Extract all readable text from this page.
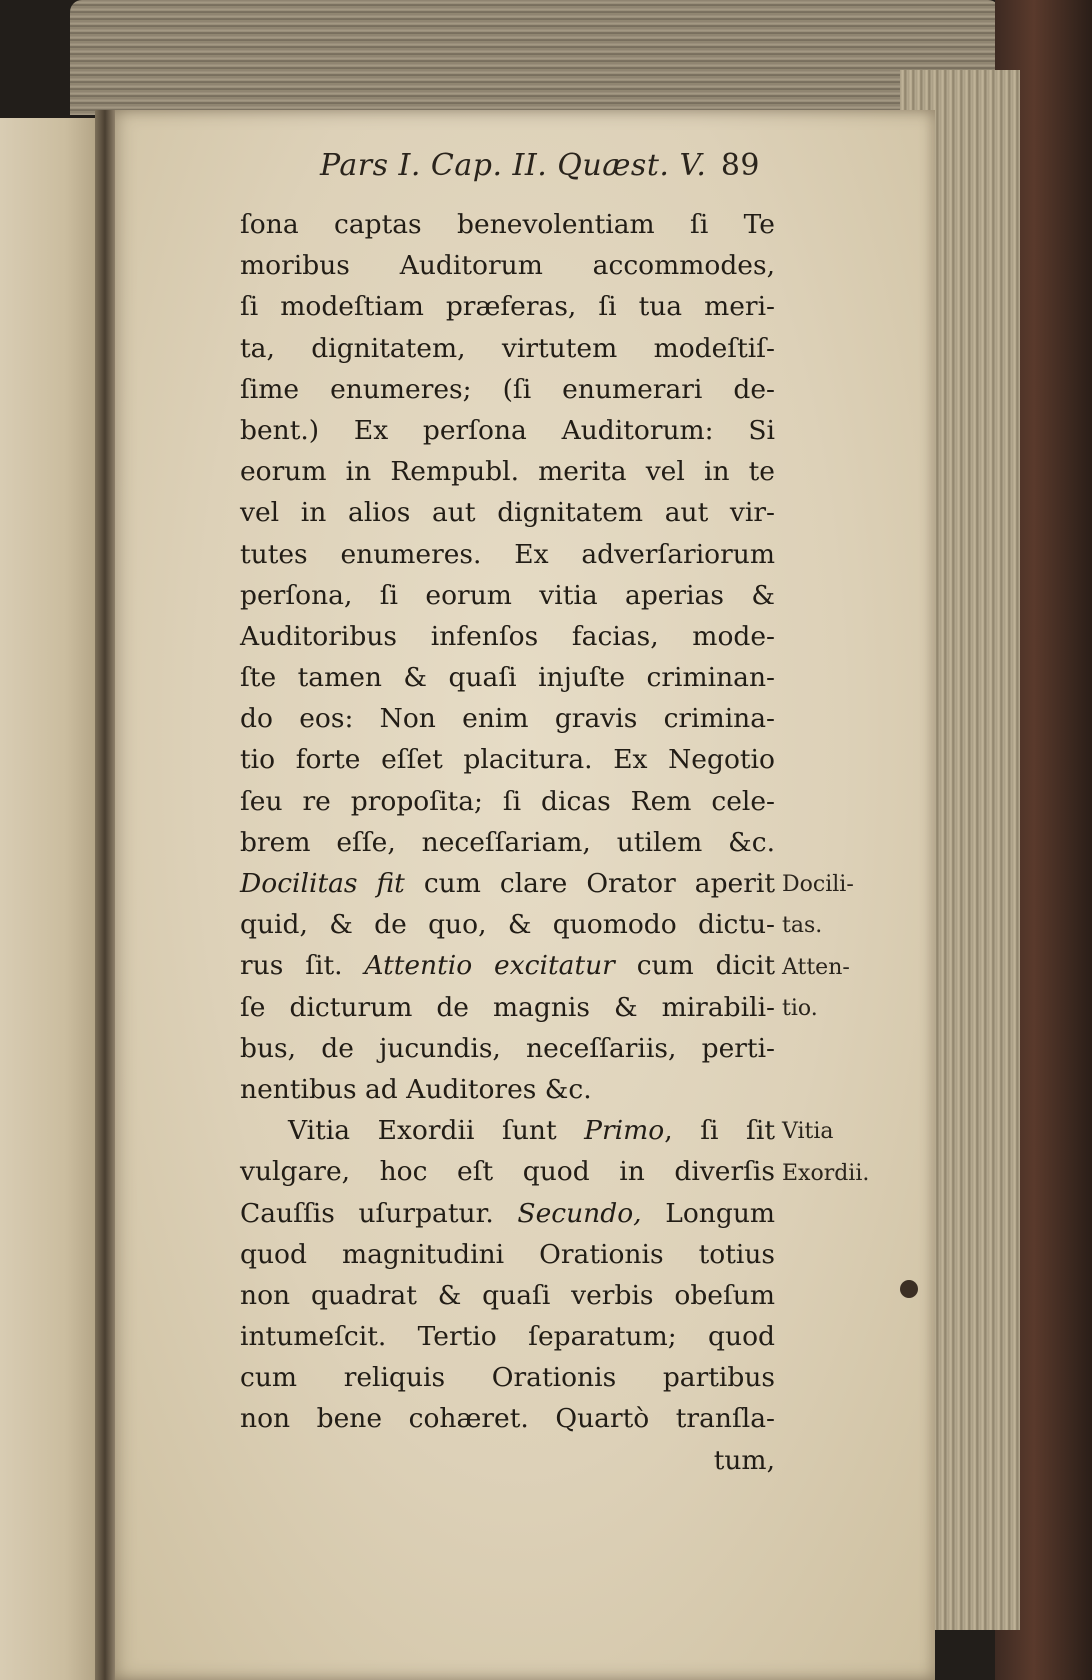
Pars I. Cap. II. Quæst. V. 89
ſona captas benevolentiam ſi Te
moribus Auditorum accommodes,
ſi modeſtiam præferas, ſi tua meri-
ta, dignitatem, virtutem modeſtiſ-
ſime enumeres; (ſi enumerari de-
bent.) Ex perſona Auditorum: Si
eorum in Rempubl. merita vel in te
vel in alios aut dignitatem aut vir-
tutes enumeres. Ex adverſariorum
perſona, ſi eorum vitia aperias &
Auditoribus infenſos facias, mode-
ſte tamen & quaſi injuſte criminan-
do eos: Non enim gravis crimina-
tio forte eſſet placitura. Ex Negotio
ſeu re propoſita; ſi dicas Rem cele-
brem eſſe, neceſſariam, utilem &c.
Docilitas fit cum clare Orator aperit
quid, & de quo, & quomodo dictu-
rus ſit. Attentio excitatur cum dicit
ſe dicturum de magnis & mirabili-
bus, de jucundis, neceſſariis, perti-
nentibus ad Auditores &c.
Vitia Exordii ſunt Primo, ſi ſit
vulgare, hoc eſt quod in diverſis
Cauſſis uſurpatur. Secundo, Longum
quod magnitudini Orationis totius
non quadrat & quaſi verbis obeſum
intumeſcit. Tertio ſeparatum; quod
cum reliquis Orationis partibus
non bene cohæret. Quartò tranſla-
tum,
Docili-
tas.
Atten-
tio.
Vitia
Exordii.
